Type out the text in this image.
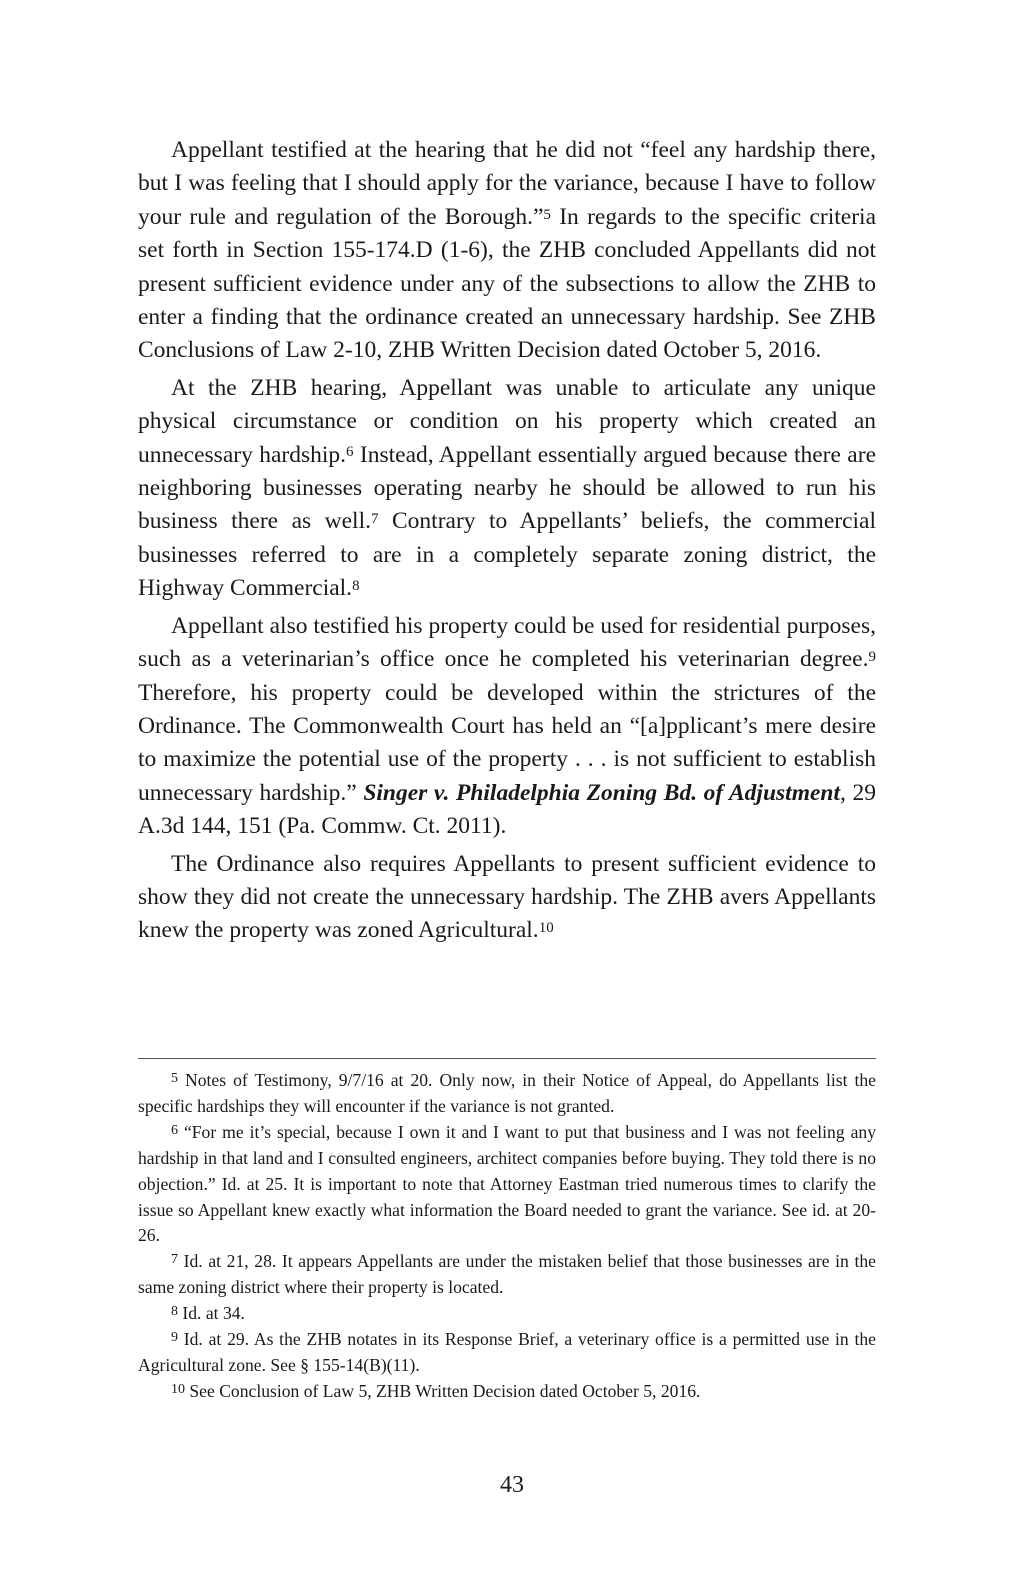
Appellant testified at the hearing that he did not “feel any hardship there, but I was feeling that I should apply for the variance, because I have to follow your rule and regulation of the Borough.”$^5$ In regards to the specific criteria set forth in Section 155-174.D (1-6), the ZHB concluded Appellants did not present sufficient evidence under any of the subsections to allow the ZHB to enter a finding that the ordinance created an unnecessary hardship. See ZHB Conclusions of Law 2-10, ZHB Written Decision dated October 5, 2016.

At the ZHB hearing, Appellant was unable to articulate any unique physical circumstance or condition on his property which created an unnecessary hardship.$^6$ Instead, Appellant essentially argued because there are neighboring businesses operating nearby he should be allowed to run his business there as well.$^7$ Contrary to Appellants’ beliefs, the commercial businesses referred to are in a completely separate zoning district, the Highway Commercial.$^8$

Appellant also testified his property could be used for residential purposes, such as a veterinarian’s office once he completed his veterinarian degree.$^9$ Therefore, his property could be developed within the strictures of the Ordinance. The Commonwealth Court has held an “[a]pplicant’s mere desire to maximize the potential use of the property . . . is not sufficient to establish unnecessary hardship.” Singer v. Philadelphia Zoning Bd. of Adjustment, 29 A.3d 144, 151 (Pa. Commw. Ct. 2011).

The Ordinance also requires Appellants to present sufficient evidence to show they did not create the unnecessary hardship. The ZHB avers Appellants knew the property was zoned Agricultural.$^{10}$

$^5$ Notes of Testimony, 9/7/16 at 20. Only now, in their Notice of Appeal, do Appellants list the specific hardships they will encounter if the variance is not granted.

$^6$ “For me it’s special, because I own it and I want to put that business and I was not feeling any hardship in that land and I consulted engineers, architect companies before buying. They told there is no objection.” Id. at 25. It is important to note that Attorney Eastman tried numerous times to clarify the issue so Appellant knew exactly what information the Board needed to grant the variance. See id. at 20-26.

$^7$ Id. at 21, 28. It appears Appellants are under the mistaken belief that those businesses are in the same zoning district where their property is located.

$^8$ Id. at 34.

$^9$ Id. at 29. As the ZHB notates in its Response Brief, a veterinary office is a permitted use in the Agricultural zone. See § 155-14(B)(11).

$^{10}$ See Conclusion of Law 5, ZHB Written Decision dated October 5, 2016.

43
